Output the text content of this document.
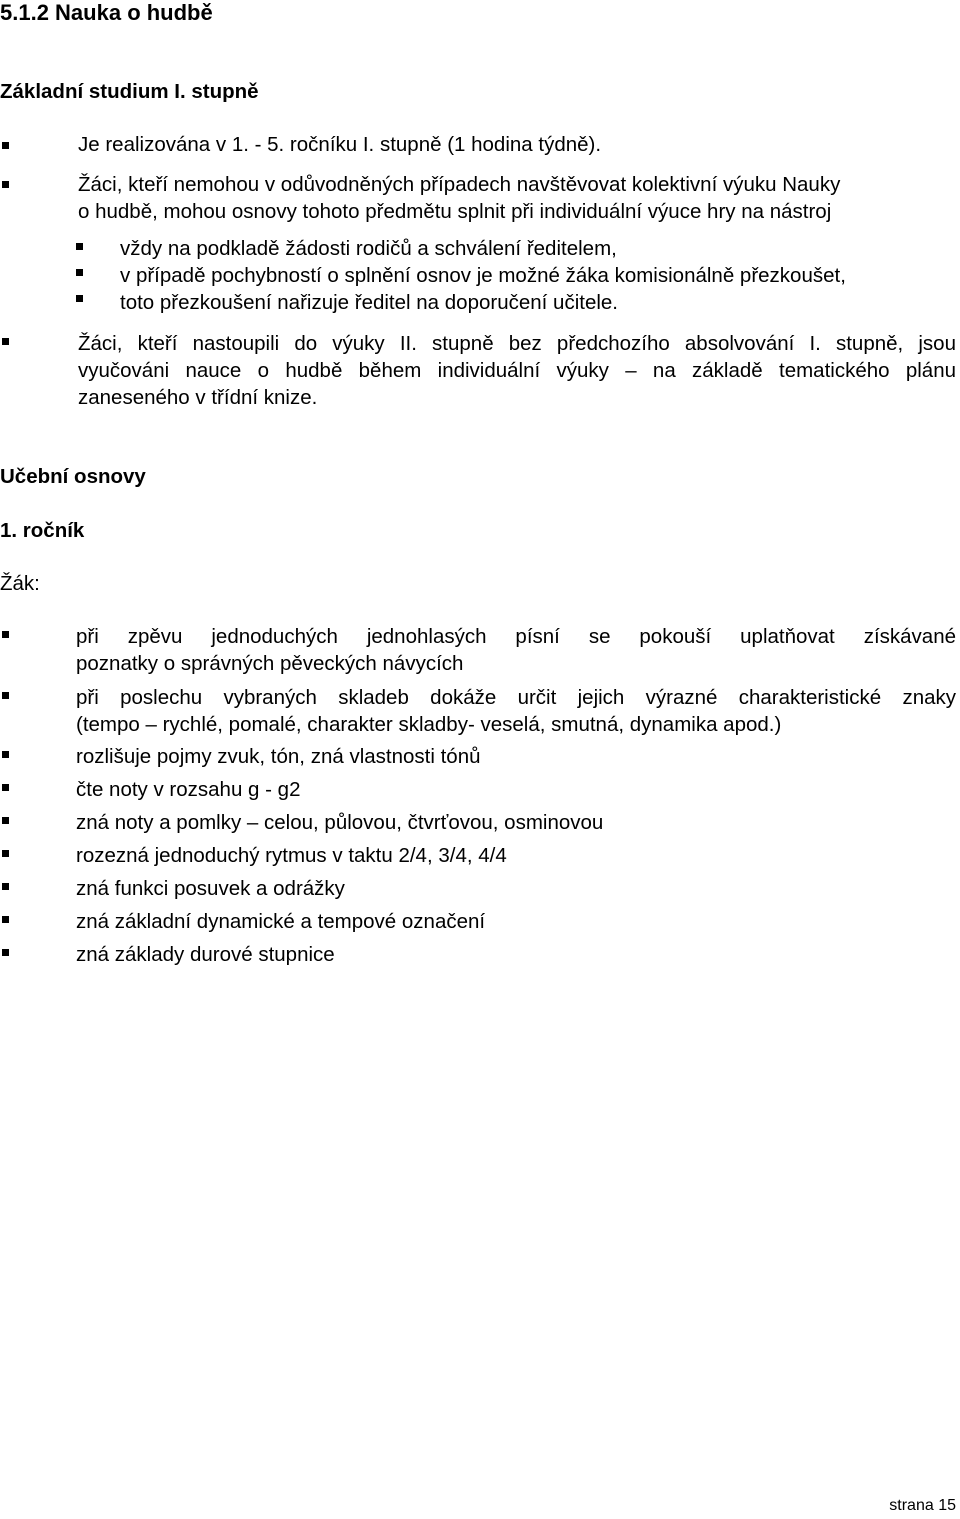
5.1.2 Nauka o hudbě
Základní studium I. stupně
Je realizována v 1. - 5. ročníku I. stupně (1 hodina týdně).
Žáci, kteří nemohou v odůvodněných případech navštěvovat kolektivní výuku Nauky
o hudbě, mohou osnovy tohoto předmětu splnit při individuální výuce hry na nástroj
vždy na podkladě žádosti rodičů a schválení ředitelem,
v případě pochybností o splnění osnov je možné žáka komisionálně přezkoušet,
toto přezkoušení nařizuje ředitel na doporučení učitele.
Žáci, kteří nastoupili do výuky II. stupně bez předchozího absolvování I. stupně, jsou
vyučováni nauce o hudbě během individuální výuky – na základě tematického plánu
zaneseného v třídní knize.
Učební osnovy
1. ročník
Žák:
při zpěvu jednoduchých jednohlasých písní se pokouší uplatňovat získávané
poznatky o správných pěveckých návycích
při poslechu vybraných skladeb dokáže určit jejich výrazné charakteristické znaky
(tempo – rychlé, pomalé, charakter skladby- veselá, smutná, dynamika apod.)
rozlišuje pojmy zvuk, tón, zná vlastnosti tónů
čte noty v rozsahu g - g2
zná noty a pomlky – celou, půlovou, čtvrťovou, osminovou
rozezná jednoduchý rytmus v taktu 2/4, 3/4, 4/4
zná funkci posuvek a odrážky
zná základní dynamické a tempové označení
zná základy durové stupnice
strana 15
